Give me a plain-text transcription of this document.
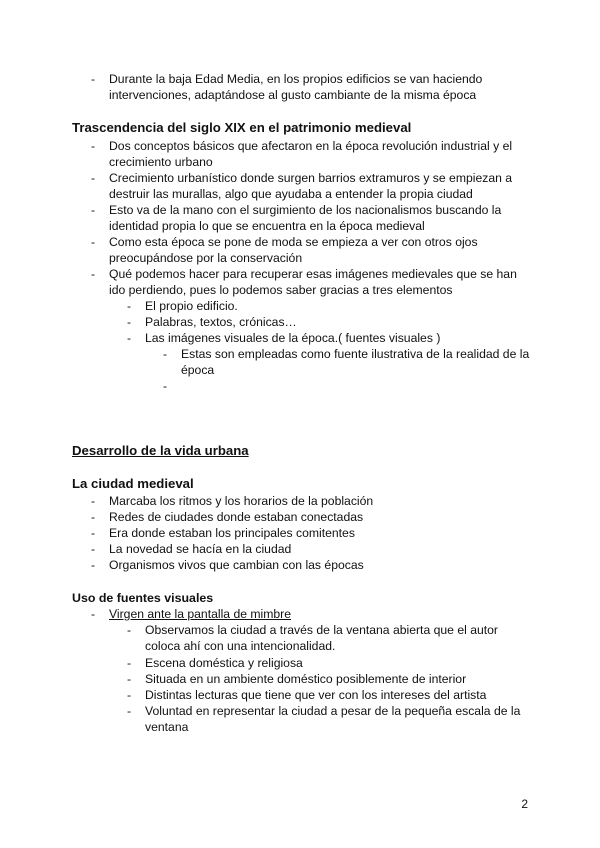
- Durante la baja Edad Media, en los propios edificios se van haciendo
intervenciones, adaptándose al gusto cambiante de la misma época
Trascendencia del siglo XIX en el patrimonio medieval
- Dos conceptos básicos que afectaron en la época revolución industrial y el
crecimiento urbano
- Crecimiento urbanístico donde surgen barrios extramuros y se empiezan a
destruir las murallas, algo que ayudaba a entender la propia ciudad
- Esto va de la mano con el surgimiento de los nacionalismos buscando la
identidad propia lo que se encuentra en la época medieval
- Como esta época se pone de moda se empieza a ver con otros ojos
preocupándose por la conservación
- Qué podemos hacer para recuperar esas imágenes medievales que se han
ido perdiendo, pues lo podemos saber gracias a tres elementos
- El propio edificio.
- Palabras, textos, crónicas…
- Las imágenes visuales de la época.( fuentes visuales )
- Estas son empleadas como fuente ilustrativa de la realidad de la
época
-
Desarrollo de la vida urbana
La ciudad medieval
- Marcaba los ritmos y los horarios de la población
- Redes de ciudades donde estaban conectadas
- Era donde estaban los principales comitentes
- La novedad se hacía en la ciudad
- Organismos vivos que cambian con las épocas
Uso de fuentes visuales
- Virgen ante la pantalla de mimbre
- Observamos la ciudad a través de la ventana abierta que el autor
coloca ahí con una intencionalidad.
- Escena doméstica y religiosa
- Situada en un ambiente doméstico posiblemente de interior
- Distintas lecturas que tiene que ver con los intereses del artista
- Voluntad en representar la ciudad a pesar de la pequeña escala de la
ventana
2
